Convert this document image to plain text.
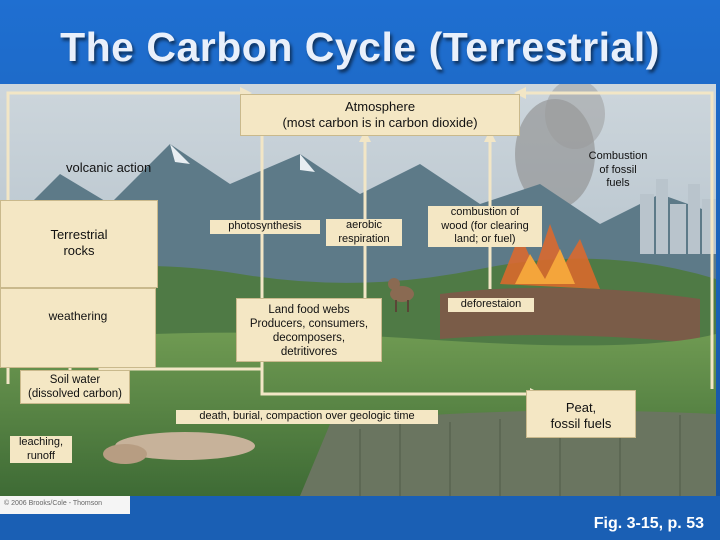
The Carbon Cycle (Terrestrial)
Atmosphere
(most carbon is in carbon dioxide)
volcanic action
Combustion
of fossil
fuels
Terrestrial
rocks
photosynthesis	aerobic
respiration
combustion of
wood (for clearing
land; or fuel)
weathering	Land food webs
Producers, consumers,
decomposers,
detritivores
deforestaion
Soil water
(dissolved carbon)
death, burial, compaction over geologic time
Peat,
fossil fuels
leaching,
runoff
© 2006 Brooks/Cole - Thomson
Fig. 3-15, p. 53
